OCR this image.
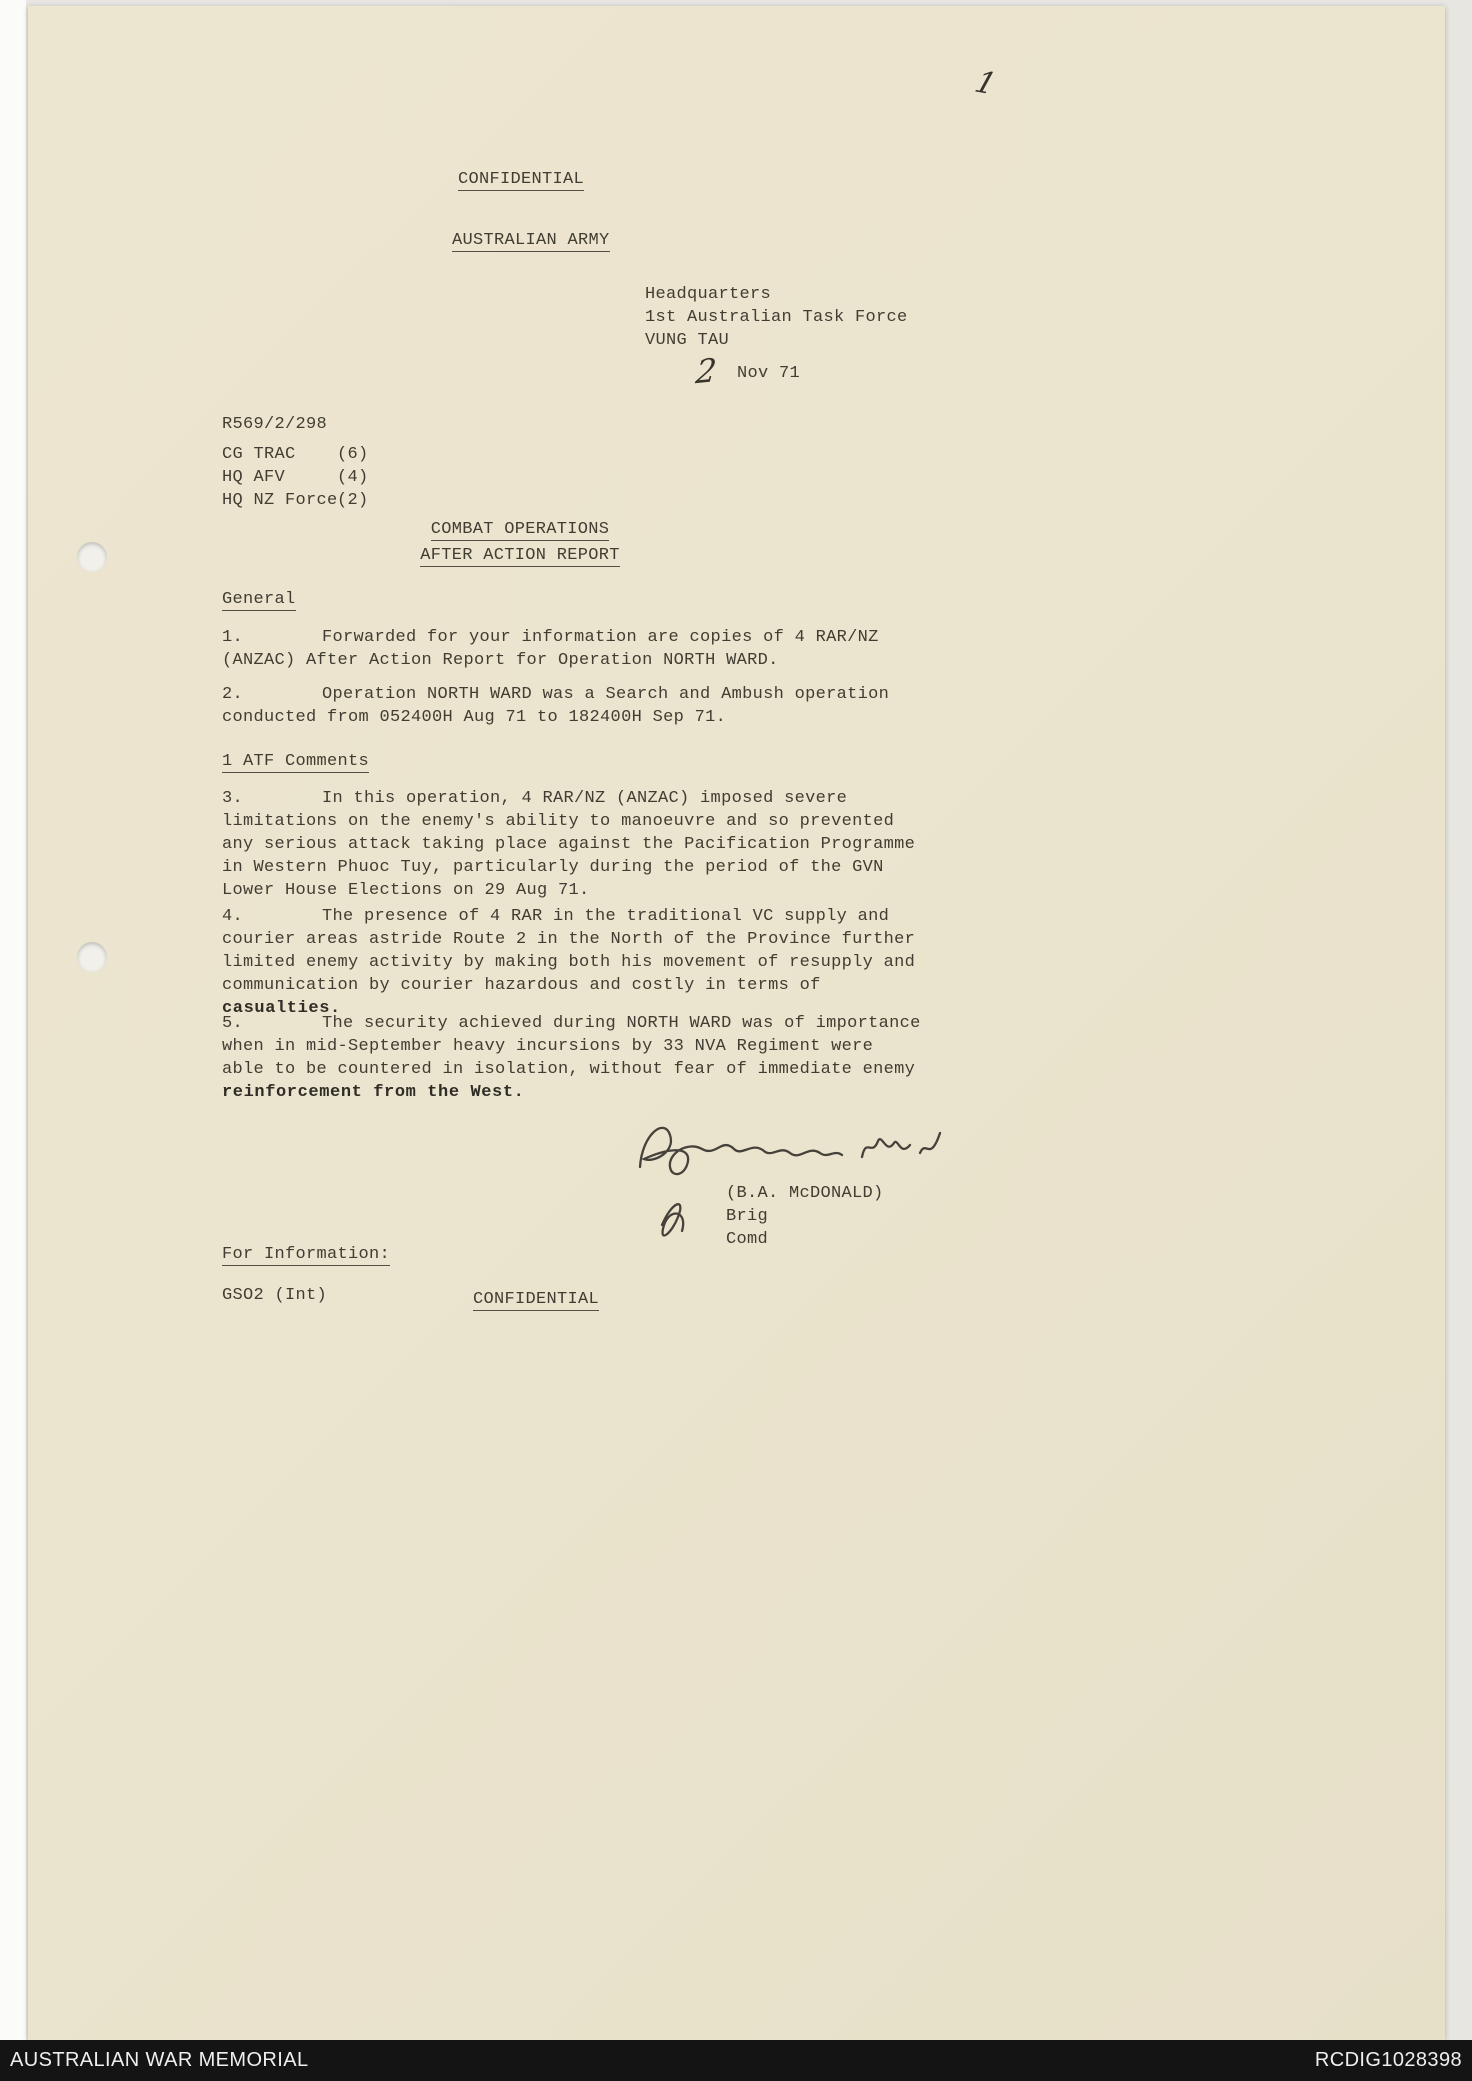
1
CONFIDENTIAL
AUSTRALIAN ARMY
Headquarters
1st Australian Task Force
VUNG TAU
2 Nov 71
R569/2/298
CG TRAC	(6)
HQ AFV	(4)
HQ NZ Force (2)
COMBAT OPERATIONS
AFTER ACTION REPORT
General
1.	Forwarded for your information are copies of 4 RAR/NZ (ANZAC) After Action Report for Operation NORTH WARD.
2.	Operation NORTH WARD was a Search and Ambush operation conducted from 052400H Aug 71 to 182400H Sep 71.
1 ATF Comments
3.	In this operation, 4 RAR/NZ (ANZAC) imposed severe limitations on the enemy's ability to manoeuvre and so prevented any serious attack taking place against the Pacification Programme in Western Phuoc Tuy, particularly during the period of the GVN Lower House Elections on 29 Aug 71.
4.	The presence of 4 RAR in the traditional VC supply and courier areas astride Route 2 in the North of the Province further limited enemy activity by making both his movement of resupply and communication by courier hazardous and costly in terms of casualties.
5.	The security achieved during NORTH WARD was of importance when in mid-September heavy incursions by 33 NVA Regiment were able to be countered in isolation, without fear of immediate enemy reinforcement from the West.
(B.A. McDONALD)
Brig
Comd
For Information:
GSO2 (Int)	CONFIDENTIAL
AUSTRALIAN WAR MEMORIAL	RCDIG1028398
